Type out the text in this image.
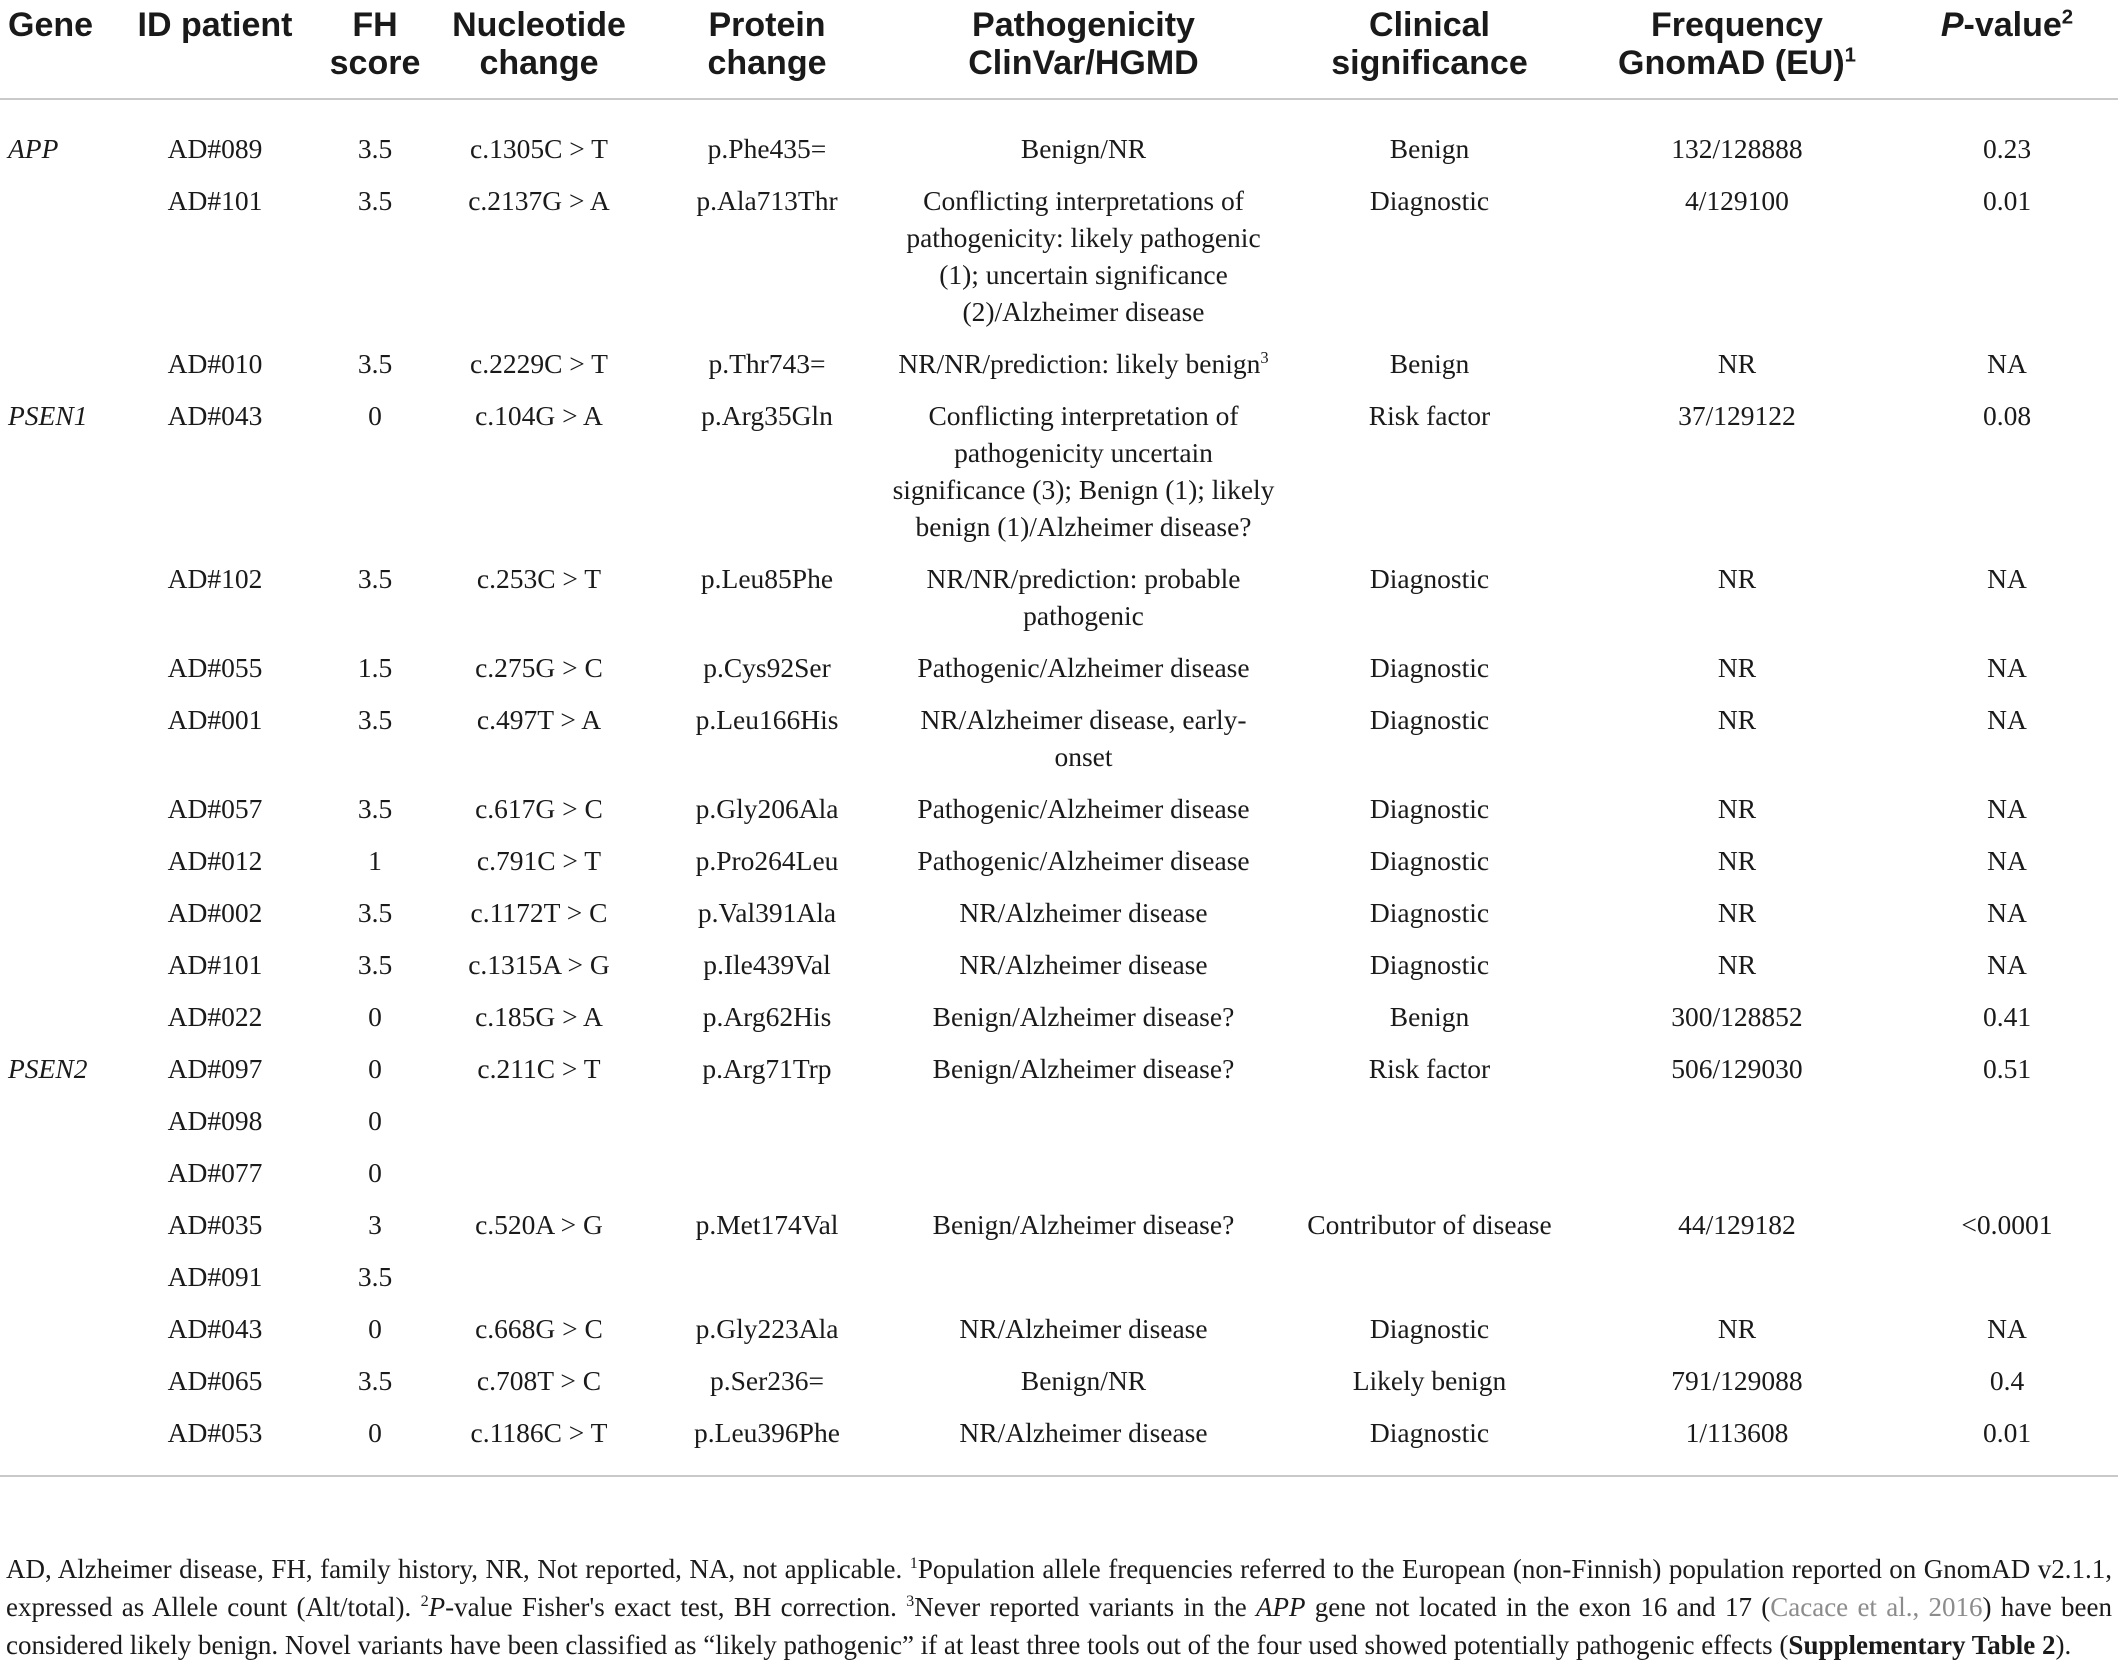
Gene	ID patient	FH score	Nucleotide change	Protein change	Pathogenicity ClinVar/HGMD	Clinical significance	Frequency GnomAD (EU)$^1$	P-value$^2$
APP	AD#089	3.5	c.1305C > T	p.Phe435=	Benign/NR	Benign	132/128888	0.23
	AD#101	3.5	c.2137G > A	p.Ala713Thr	Conflicting interpretations of pathogenicity: likely pathogenic (1); uncertain significance (2)/Alzheimer disease	Diagnostic	4/129100	0.01
	AD#010	3.5	c.2229C > T	p.Thr743=	NR/NR/prediction: likely benign$^3$	Benign	NR	NA
PSEN1	AD#043	0	c.104G > A	p.Arg35Gln	Conflicting interpretation of pathogenicity uncertain significance (3); Benign (1); likely benign (1)/Alzheimer disease?	Risk factor	37/129122	0.08
	AD#102	3.5	c.253C > T	p.Leu85Phe	NR/NR/prediction: probable pathogenic	Diagnostic	NR	NA
	AD#055	1.5	c.275G > C	p.Cys92Ser	Pathogenic/Alzheimer disease	Diagnostic	NR	NA
	AD#001	3.5	c.497T > A	p.Leu166His	NR/Alzheimer disease, early-onset	Diagnostic	NR	NA
	AD#057	3.5	c.617G > C	p.Gly206Ala	Pathogenic/Alzheimer disease	Diagnostic	NR	NA
	AD#012	1	c.791C > T	p.Pro264Leu	Pathogenic/Alzheimer disease	Diagnostic	NR	NA
	AD#002	3.5	c.1172T > C	p.Val391Ala	NR/Alzheimer disease	Diagnostic	NR	NA
	AD#101	3.5	c.1315A > G	p.Ile439Val	NR/Alzheimer disease	Diagnostic	NR	NA
	AD#022	0	c.185G > A	p.Arg62His	Benign/Alzheimer disease?	Benign	300/128852	0.41
PSEN2	AD#097	0	c.211C > T	p.Arg71Trp	Benign/Alzheimer disease?	Risk factor	506/129030	0.51
	AD#098	0						
	AD#077	0						
	AD#035	3	c.520A > G	p.Met174Val	Benign/Alzheimer disease?	Contributor of disease	44/129182	<0.0001
	AD#091	3.5						
	AD#043	0	c.668G > C	p.Gly223Ala	NR/Alzheimer disease	Diagnostic	NR	NA
	AD#065	3.5	c.708T > C	p.Ser236=	Benign/NR	Likely benign	791/129088	0.4
	AD#053	0	c.1186C > T	p.Leu396Phe	NR/Alzheimer disease	Diagnostic	1/113608	0.01
AD, Alzheimer disease, FH, family history, NR, Not reported, NA, not applicable. $^1$Population allele frequencies referred to the European (non-Finnish) population reported on GnomAD v2.1.1, expressed as Allele count (Alt/total). $^2$P-value Fisher's exact test, BH correction. $^3$Never reported variants in the APP gene not located in the exon 16 and 17 (Cacace et al., 2016) have been considered likely benign. Novel variants have been classified as “likely pathogenic” if at least three tools out of the four used showed potentially pathogenic effects (Supplementary Table 2).
